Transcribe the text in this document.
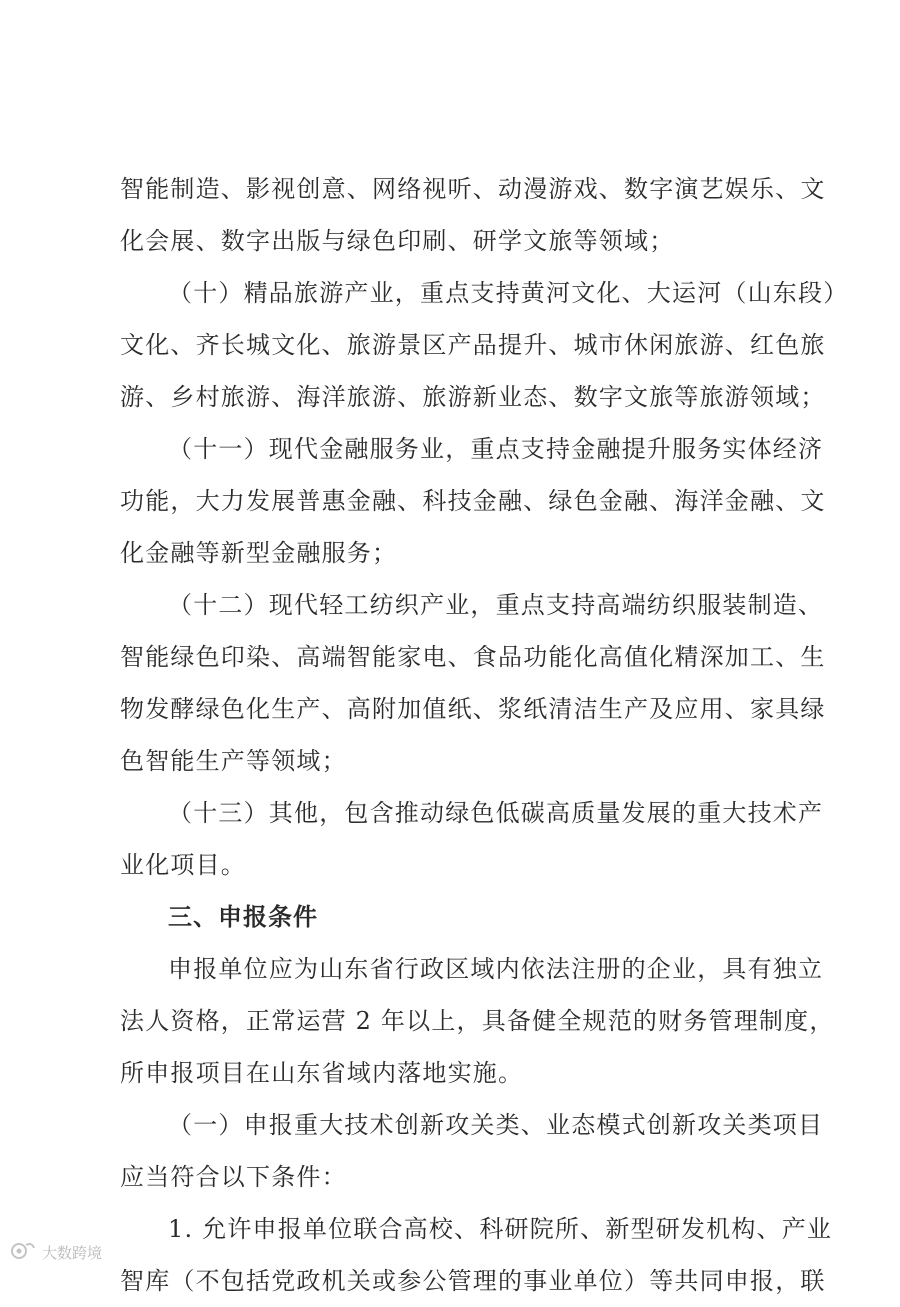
智能制造、影视创意、网络视听、动漫游戏、数字演艺娱乐、文
化会展、数字出版与绿色印刷、研学文旅等领域；
（十）精品旅游产业，重点支持黄河文化、大运河（山东段）
文化、齐长城文化、旅游景区产品提升、城市休闲旅游、红色旅
游、乡村旅游、海洋旅游、旅游新业态、数字文旅等旅游领域；
（十一）现代金融服务业，重点支持金融提升服务实体经济
功能，大力发展普惠金融、科技金融、绿色金融、海洋金融、文
化金融等新型金融服务；
（十二）现代轻工纺织产业，重点支持高端纺织服装制造、
智能绿色印染、高端智能家电、食品功能化高值化精深加工、生
物发酵绿色化生产、高附加值纸、浆纸清洁生产及应用、家具绿
色智能生产等领域；
（十三）其他，包含推动绿色低碳高质量发展的重大技术产
业化项目。
三、申报条件
申报单位应为山东省行政区域内依法注册的企业，具有独立
法人资格，正常运营 2 年以上，具备健全规范的财务管理制度，
所申报项目在山东省域内落地实施。
（一）申报重大技术创新攻关类、业态模式创新攻关类项目
应当符合以下条件：
1. 允许申报单位联合高校、科研院所、新型研发机构、产业
智库（不包括党政机关或参公管理的事业单位）等共同申报，联
大数跨境
